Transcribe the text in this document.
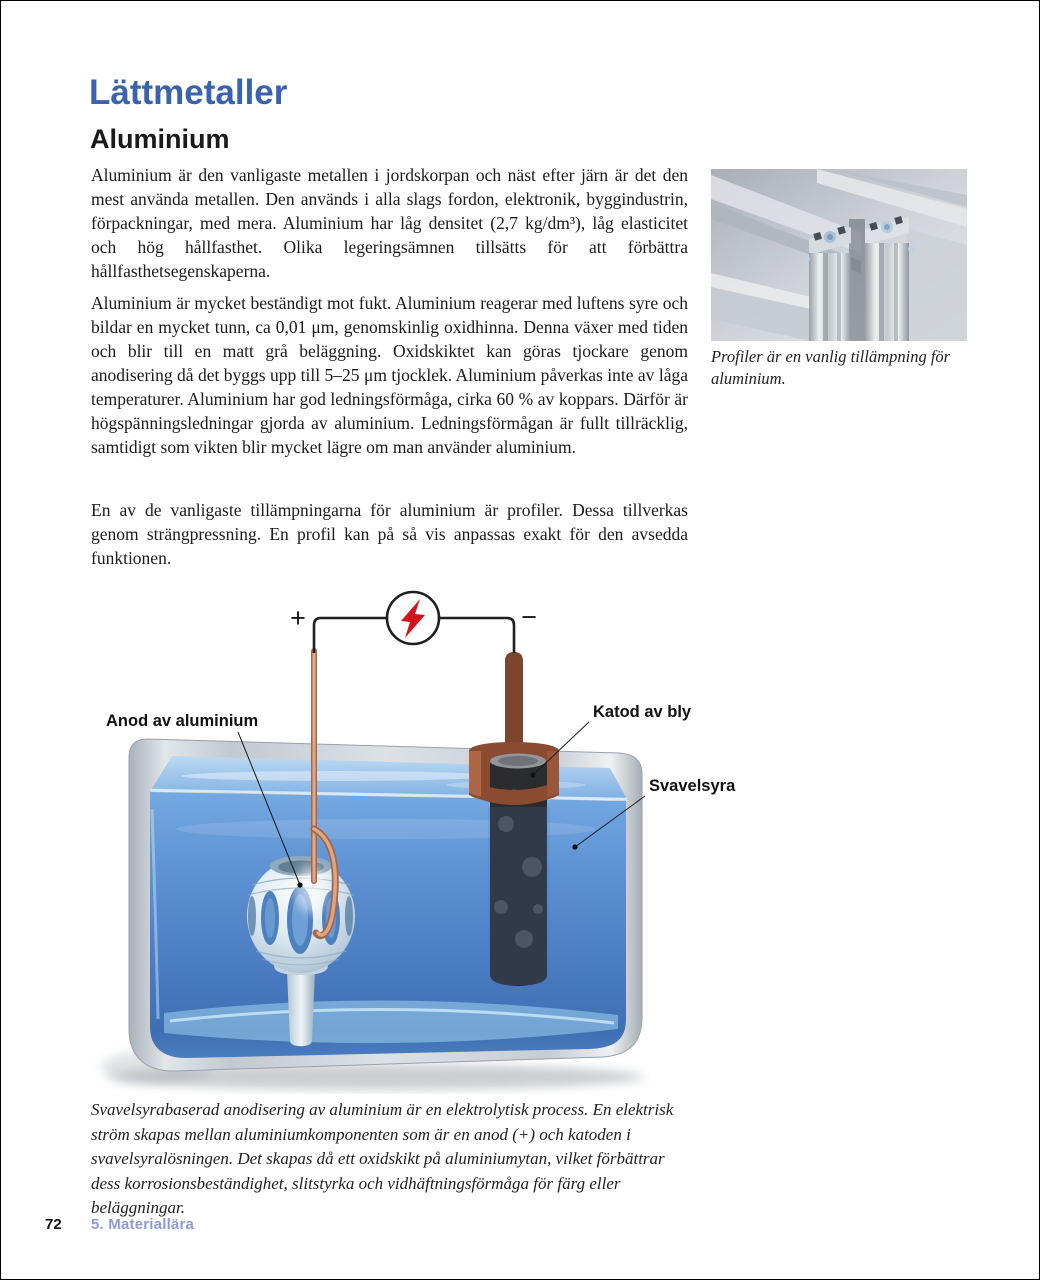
Lättmetaller
Aluminium

Aluminium är den vanligaste metallen i jordskorpan och näst efter järn är det den mest använda metallen. Den används i alla slags fordon, elektronik, byggindustrin, förpackningar, med mera. Aluminium har låg densitet (2,7 kg/dm³), låg elasticitet och hög hållfasthet. Olika legeringsämnen tillsätts för att förbättra hållfasthetsegenskaperna.

Aluminium är mycket beständigt mot fukt. Aluminium reagerar med luftens syre och bildar en mycket tunn, ca 0,01 μm, genomskinlig oxidhinna. Denna växer med tiden och blir till en matt grå beläggning. Oxidskiktet kan göras tjockare genom anodisering då det byggs upp till 5–25 μm tjocklek. Aluminium påverkas inte av låga temperaturer. Aluminium har god ledningsförmåga, cirka 60 % av koppars. Därför är högspänningsledningar gjorda av aluminium. Ledningsförmågan är fullt tillräcklig, samtidigt som vikten blir mycket lägre om man använder aluminium.

En av de vanligaste tillämpningarna för aluminium är profiler. Dessa tillverkas genom strängpressning. En profil kan på så vis anpassas exakt för den avsedda funktionen.

Profiler är en vanlig tillämpning för aluminium.
+	−
Anod av aluminium	Katod av bly
Svavelsyra

Svavelsyrabaserad anodisering av aluminium är en elektrolytisk process. En elektrisk ström skapas mellan aluminiumkomponenten som är en anod (+) och katoden i svavelsyralösningen. Det skapas då ett oxidskikt på aluminiumytan, vilket förbättrar dess korrosionsbeständighet, slitstyrka och vidhäftningsförmåga för färg eller beläggningar.

72 5. Materiallära
